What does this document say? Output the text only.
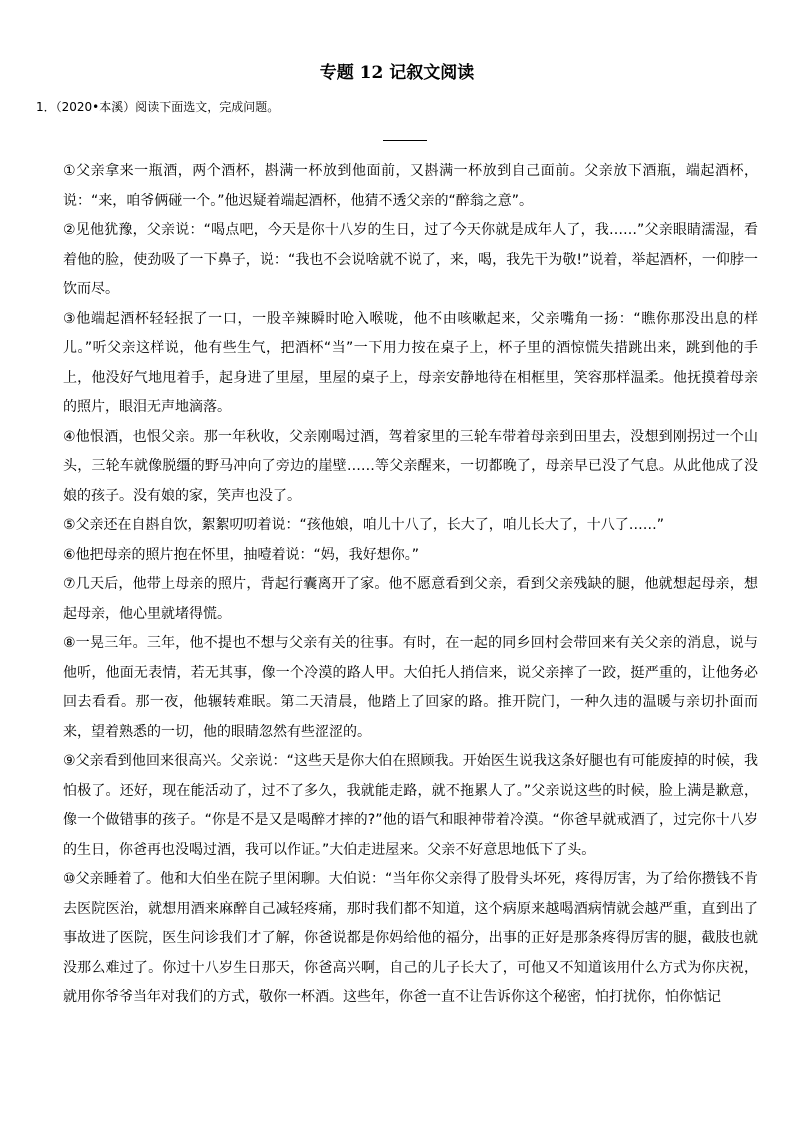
专题 12 记叙文阅读
1．（2020•本溪）阅读下面选文，完成问题。

①父亲拿来一瓶酒，两个酒杯，斟满一杯放到他面前，又斟满一杯放到自己面前。父亲放下酒瓶，端起酒杯，说：“来，咱爷俩碰一个。”他迟疑着端起酒杯，他猜不透父亲的“醉翁之意”。

②见他犹豫，父亲说：“喝点吧，今天是你十八岁的生日，过了今天你就是成年人了，我……”父亲眼睛濡湿，看着他的脸，使劲吸了一下鼻子，说：“我也不会说啥就不说了，来，喝，我先干为敬!”说着，举起酒杯，一仰脖一饮而尽。

③他端起酒杯轻轻抿了一口，一股辛辣瞬时呛入喉咙，他不由咳嗽起来，父亲嘴角一扬：“瞧你那没出息的样儿。”听父亲这样说，他有些生气，把酒杯“当”一下用力按在桌子上，杯子里的酒惊慌失措跳出来，跳到他的手上，他没好气地甩着手，起身进了里屋，里屋的桌子上，母亲安静地待在相框里，笑容那样温柔。他抚摸着母亲的照片，眼泪无声地滴落。

④他恨酒，也恨父亲。那一年秋收，父亲刚喝过酒，驾着家里的三轮车带着母亲到田里去，没想到刚拐过一个山头，三轮车就像脱缰的野马冲向了旁边的崖壁……等父亲醒来，一切都晚了，母亲早已没了气息。从此他成了没娘的孩子。没有娘的家，笑声也没了。

⑤父亲还在自斟自饮，絮絮叨叨着说：“孩他娘，咱儿十八了，长大了，咱儿长大了，十八了……”

⑥他把母亲的照片抱在怀里，抽噎着说：“妈，我好想你。”

⑦几天后，他带上母亲的照片，背起行囊离开了家。他不愿意看到父亲，看到父亲残缺的腿，他就想起母亲，想起母亲，他心里就堵得慌。

⑧一晃三年。三年，他不提也不想与父亲有关的往事。有时，在一起的同乡回村会带回来有关父亲的消息，说与他听，他面无表情，若无其事，像一个冷漠的路人甲。大伯托人捎信来，说父亲摔了一跤，挺严重的，让他务必回去看看。那一夜，他辗转难眠。第二天清晨，他踏上了回家的路。推开院门，一种久违的温暖与亲切扑面而来，望着熟悉的一切，他的眼睛忽然有些涩涩的。

⑨父亲看到他回来很高兴。父亲说：“这些天是你大伯在照顾我。开始医生说我这条好腿也有可能废掉的时候，我怕极了。还好，现在能活动了，过不了多久，我就能走路，就不拖累人了。”父亲说这些的时候，脸上满是歉意，像一个做错事的孩子。“你是不是又是喝醉才摔的?”他的语气和眼神带着冷漠。“你爸早就戒酒了，过完你十八岁的生日，你爸再也没喝过酒，我可以作证。”大伯走进屋来。父亲不好意思地低下了头。

⑩父亲睡着了。他和大伯坐在院子里闲聊。大伯说：“当年你父亲得了股骨头坏死，疼得厉害，为了给你攒钱不肯去医院医治，就想用酒来麻醉自己减轻疼痛，那时我们都不知道，这个病原来越喝酒病情就会越严重，直到出了事故进了医院，医生问诊我们才了解，你爸说都是你妈给他的福分，出事的正好是那条疼得厉害的腿，截肢也就没那么难过了。你过十八岁生日那天，你爸高兴啊，自己的儿子长大了，可他又不知道该用什么方式为你庆祝，就用你爷爷当年对我们的方式，敬你一杯酒。这些年，你爸一直不让告诉你这个秘密，怕打扰你，怕你惦记
